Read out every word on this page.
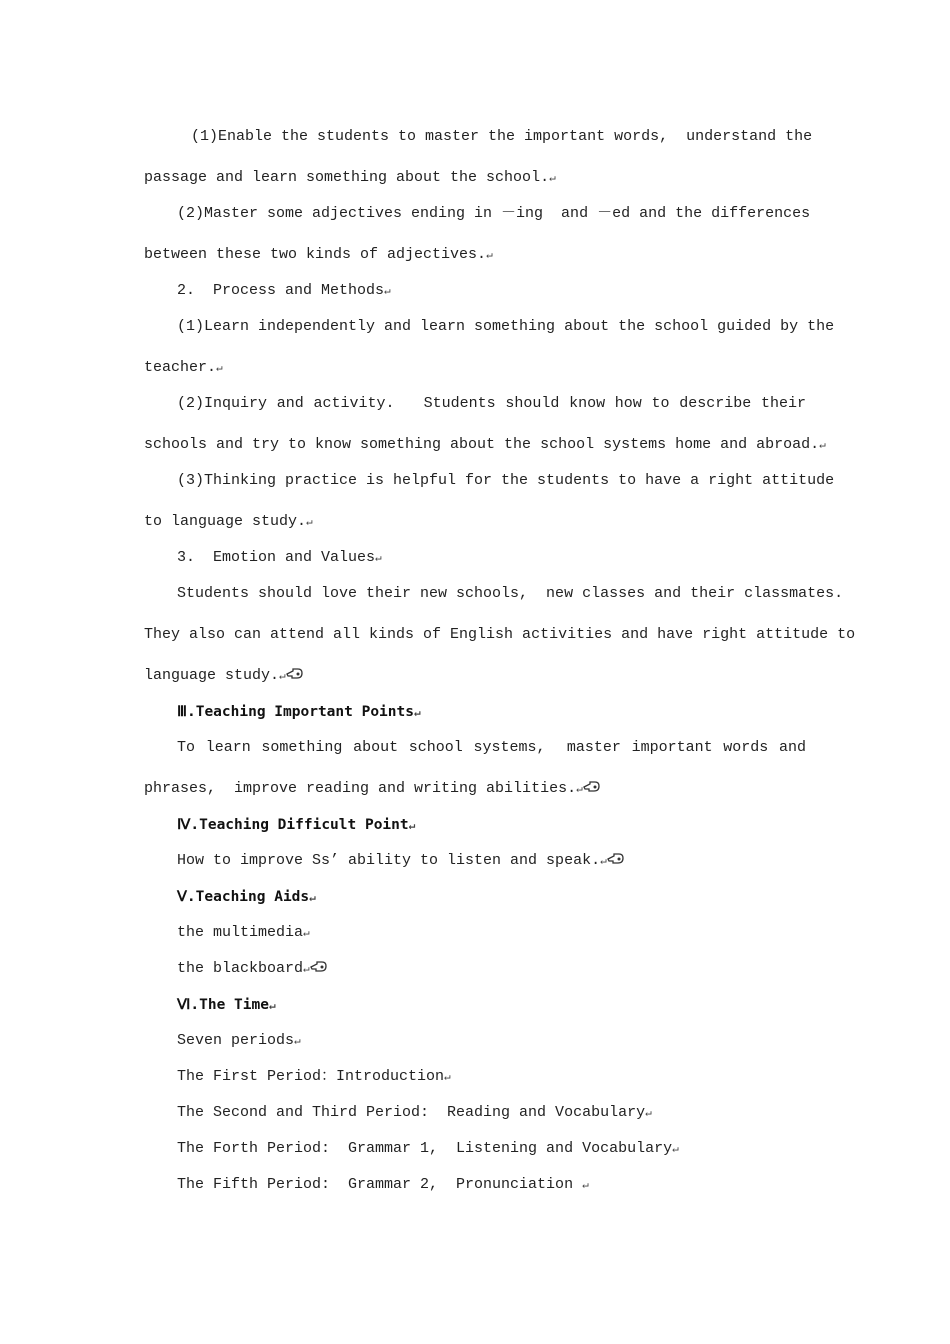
(1)Enable the students to master the important words,  understand the
passage and learn something about the school.↵
(2)Master some adjectives ending in －ing  and －ed and the differences
between these two kinds of adjectives.↵
2.  Process and Methods↵
(1)Learn independently and learn something about the school guided by the
teacher.↵
(2)Inquiry and activity.   Students should know how to describe their
schools and try to know something about the school systems home and abroad.↵
(3)Thinking practice is helpful for the students to have a right attitude
to language study.↵
3.  Emotion and Values↵
Students should love their new schools,  new classes and their classmates.
They also can attend all kinds of English activities and have right attitude to
language study.↵
Ⅲ.Teaching Important Points↵
To learn something about school systems,  master important words and
phrases,  improve reading and writing abilities.↵
Ⅳ.Teaching Difficult Point↵
How to improve Ss’ ability to listen and speak.↵
Ⅴ.Teaching Aids↵
the multimedia↵
the blackboard↵
Ⅵ.The Time↵
Seven periods↵
The First Period：Introduction↵
The Second and Third Period:  Reading and Vocabulary↵
The Forth Period:  Grammar 1,  Listening and Vocabulary↵
The Fifth Period:  Grammar 2,  Pronunciation ↵
